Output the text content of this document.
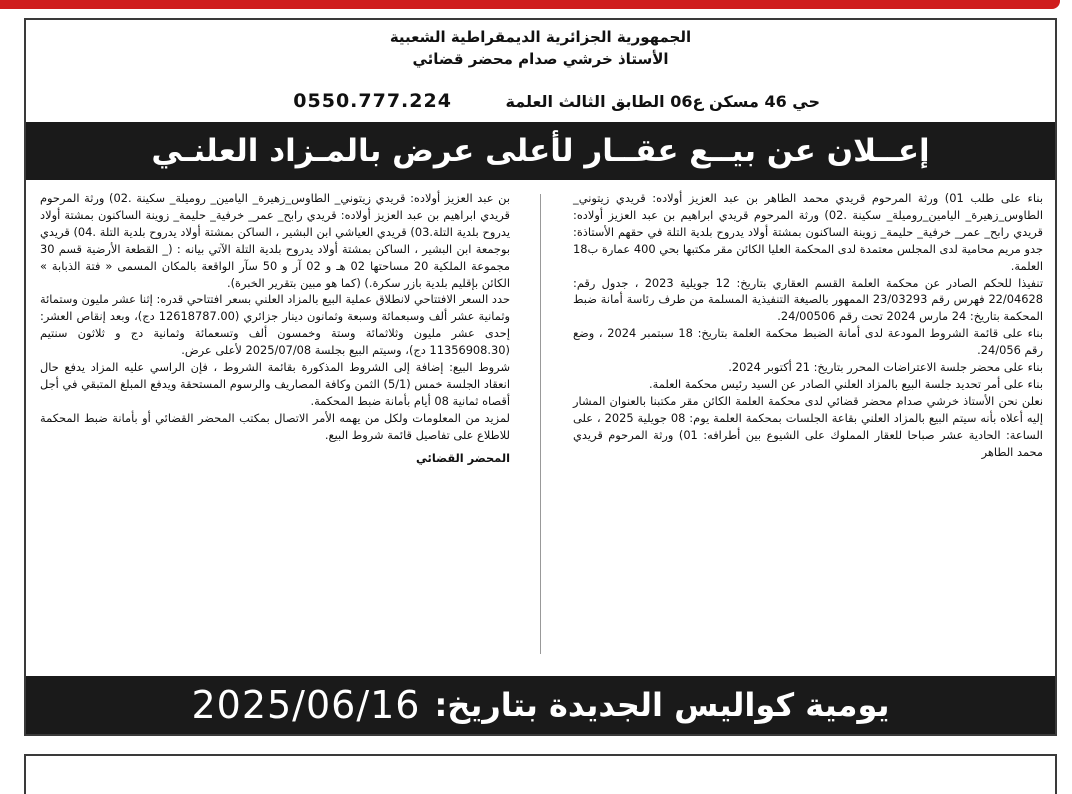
الجمهورية الجزائرية الديمقراطية الشعبية
الأستاذ خرشي صدام محضر قضائي
حي 46 مسكن ع06 الطابق الثالث العلمة 0550.777.224
إعــلان عن بيــع عقــار لأعلى عرض بالمـزاد العلنـي

بناء على طلب 01) ورثة المرحوم قريدي محمد الطاهر بن عبد العزيز أولاده: قريدي زيتوني_ الطاوس_زهيرة_ اليامين_روميلة_ سكينة .02) ورثة المرحوم قريدي ابراهيم بن عبد العزيز أولاده: قريدي رابح_ عمر_ خرفية_ حليمة_ زوينة الساكنون بمشتة أولاد يدروح بلدية التلة في حقهم الأستاذة: جدو مريم محامية لدى المجلس معتمدة لدى المحكمة العليا الكائن مقر مكتبها بحي 400 عمارة ب18 العلمة.

تنفيذا للحكم الصادر عن محكمة العلمة القسم العقاري بتاريخ: 12 جويلية 2023 ، جدول رقم: 22/04628 فهرس رقم 23/03293 الممهور بالصيغة التنفيذية المسلمة من طرف رئاسة أمانة ضبط المحكمة بتاريخ: 24 مارس 2024 تحت رقم 24/00506.

بناء على قائمة الشروط المودعة لدى أمانة الضبط محكمة العلمة بتاريخ: 18 سبتمبر 2024 ، وضع رقم 24/056.

بناء على محضر جلسة الاعتراضات المحرر بتاريخ: 21 أكتوبر 2024.

بناء على أمر تحديد جلسة البيع بالمزاد العلني الصادر عن السيد رئيس محكمة العلمة.

نعلن نحن الأستاذ خرشي صدام محضر قضائي لدى محكمة العلمة الكائن مقر مكتبنا بالعنوان المشار إليه أعلاه بأنه سيتم البيع بالمزاد العلني بقاعة الجلسات بمحكمة العلمة يوم: 08 جويلية 2025 ، على الساعة: الحادية عشر صباحا للعقار المملوك على الشيوع بين أطرافه: 01) ورثة المرحوم قريدي محمد الطاهر

بن عبد العزيز أولاده: قريدي زيتوني_ الطاوس_زهيرة_ اليامين_ روميلة_ سكينة .02) ورثة المرحوم قريدي ابراهيم بن عبد العزيز أولاده: قريدي رابح_ عمر_ خرفية_ حليمة_ زوينة الساكنون بمشتة أولاد يدروح بلدية التلة.03) قريدي العياشي ابن البشير ، الساكن بمشتة أولاد يدروح بلدية التلة .04) قريدي بوجمعة ابن البشير ، الساكن بمشتة أولاد يدروح بلدية التلة الآتي بيانه : (_ القطعة الأرضية قسم 30 مجموعة الملكية 20 مساحتها 02 هـ و 02 آر و 50 سآر الواقعة بالمكان المسمى « فتة الذبابة » الكائن بإقليم بلدية بازر سكرة.) (كما هو مبين بتقرير الخبرة).

حدد السعر الافتتاحي لانطلاق عملية البيع بالمزاد العلني بسعر افتتاحي قدره: إثنا عشر مليون وستمائة وثمانية عشر ألف وسبعمائة وسبعة وثمانون دينار جزائري (12618787.00 دج)، وبعد إنقاص العشر: إحدى عشر مليون وثلاثمائة وستة وخمسون ألف وتسعمائة وثمانية دج و ثلاثون سنتيم (11356908.30 دج)، وسيتم البيع بجلسة 2025/07/08 لأعلى عرض.

شروط البيع: إضافة إلى الشروط المذكورة بقائمة الشروط ، فإن الراسي عليه المزاد يدفع حال انعقاد الجلسة خمس (5/1) الثمن وكافة المصاريف والرسوم المستحقة ويدفع المبلغ المتبقي في أجل أقصاه ثمانية 08 أيام بأمانة ضبط المحكمة.

لمزيد من المعلومات ولكل من يهمه الأمر الاتصال بمكتب المحضر القضائي أو بأمانة ضبط المحكمة للاطلاع على تفاصيل قائمة شروط البيع.

المحضر القضائي
يومية كواليس الجديدة بتاريخ:
2025/06/16
